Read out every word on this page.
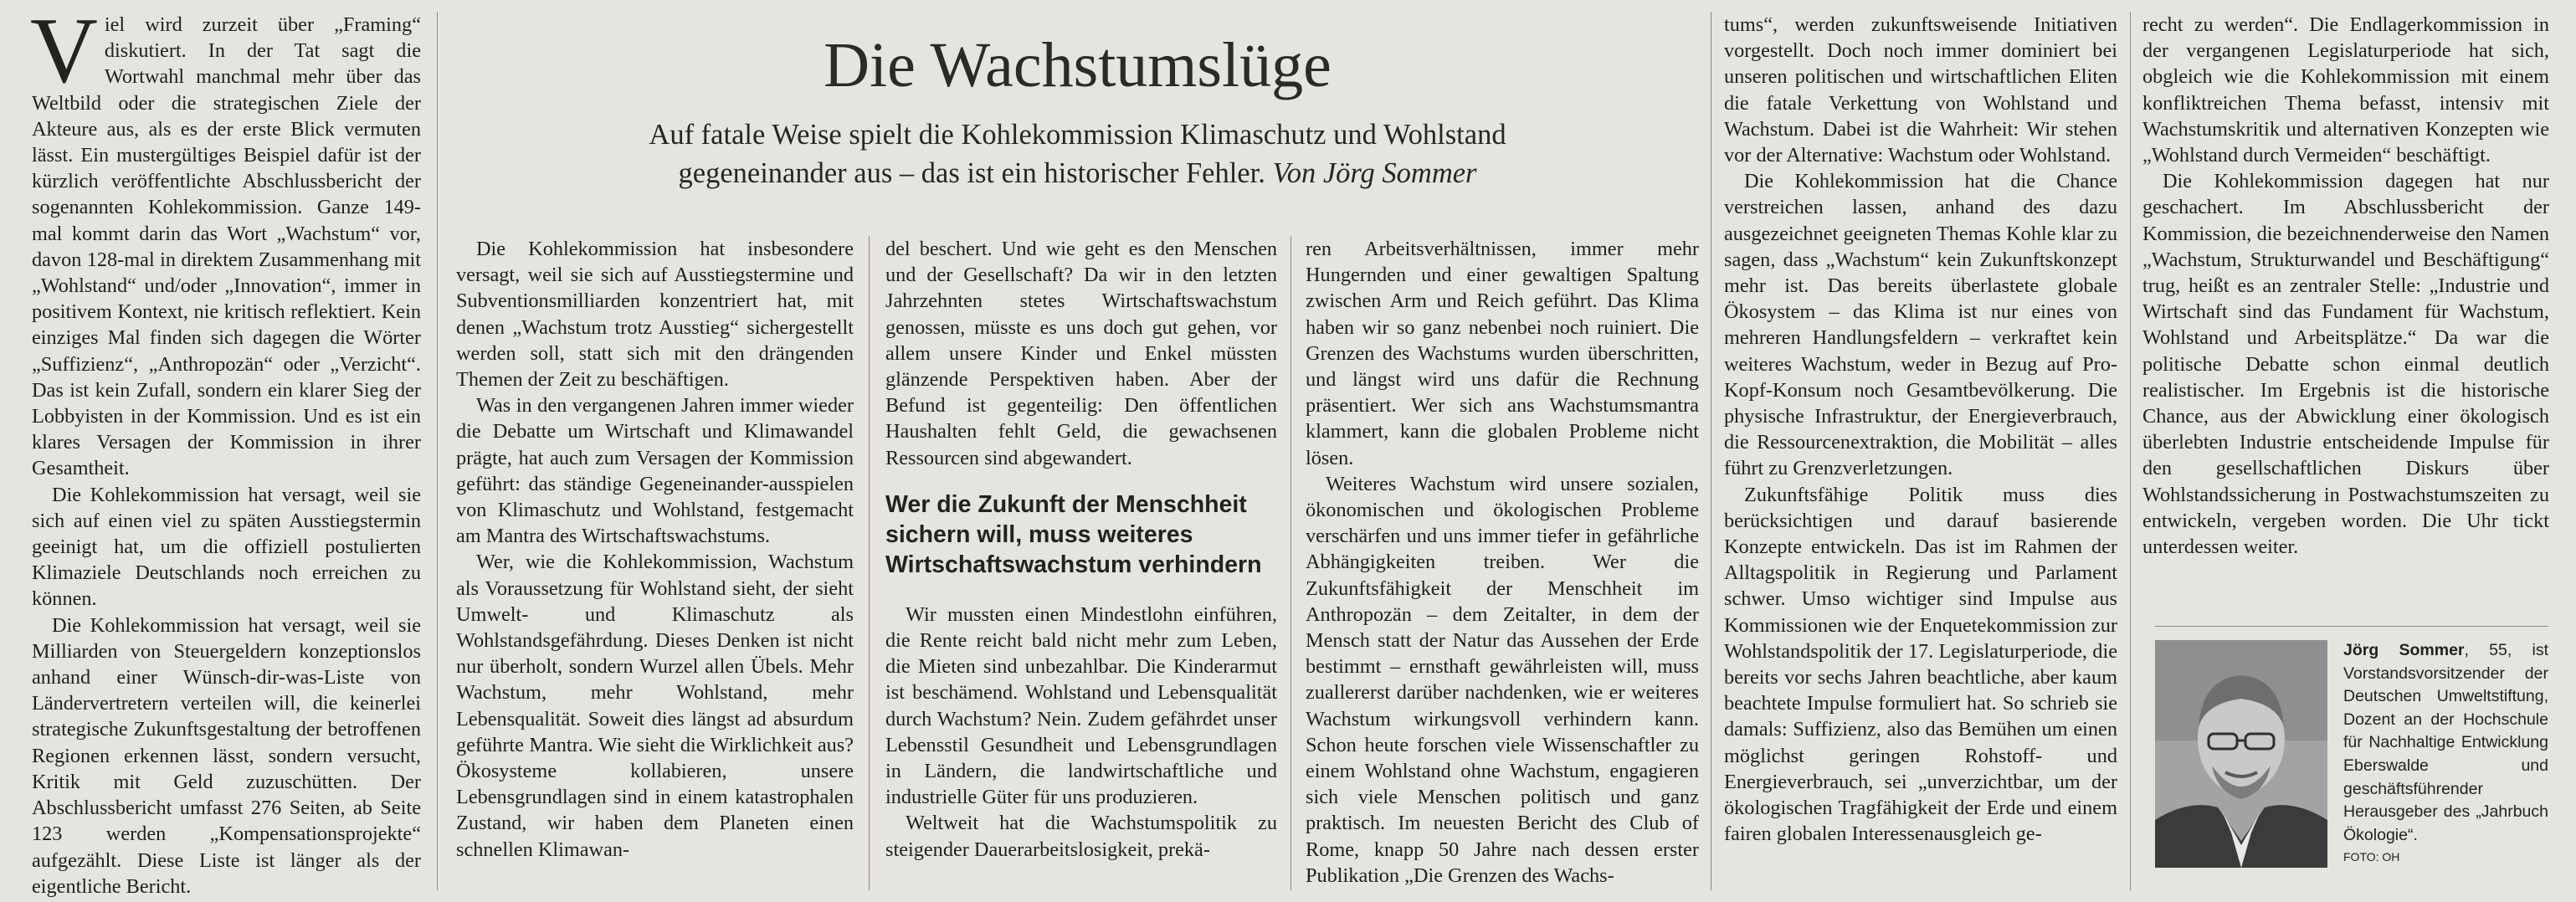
Viel wird zurzeit über „Framing“ diskutiert. In der Tat sagt die Wortwahl manchmal mehr über das Weltbild oder die strategischen Ziele der Akteure aus, als es der erste Blick vermuten lässt. Ein mustergültiges Beispiel dafür ist der kürzlich veröffentlichte Abschlussbericht der sogenannten Kohlekommission. Ganze 149-mal kommt darin das Wort „Wachstum“ vor, davon 128-mal in direktem Zusammenhang mit „Wohlstand“ und/oder „Innovation“, immer in positivem Kontext, nie kritisch reflektiert. Kein einziges Mal finden sich dagegen die Wörter „Suffizienz“, „Anthropozän“ oder „Verzicht“. Das ist kein Zufall, sondern ein klarer Sieg der Lobbyisten in der Kommission. Und es ist ein klares Versagen der Kommission in ihrer Gesamtheit.

Die Kohlekommission hat versagt, weil sie sich auf einen viel zu späten Ausstiegstermin geeinigt hat, um die offiziell postulierten Klimaziele Deutschlands noch erreichen zu können.

Die Kohlekommission hat versagt, weil sie Milliarden von Steuergeldern konzeptionslos anhand einer Wünsch-dir-was-Liste von Ländervertretern verteilen will, die keinerlei strategische Zukunftsgestaltung der betroffenen Regionen erkennen lässt, sondern versucht, Kritik mit Geld zuzuschütten. Der Abschlussbericht umfasst 276 Seiten, ab Seite 123 werden „Kompensationsprojekte“ aufgezählt. Diese Liste ist länger als der eigentliche Bericht.

Die Wachstumslüge
Auf fatale Weise spielt die Kohlekommission Klimaschutz und Wohlstand
gegeneinander aus – das ist ein historischer Fehler. Von Jörg Sommer

Die Kohlekommission hat insbesondere versagt, weil sie sich auf Ausstiegstermine und Subventionsmilliarden konzentriert hat, mit denen „Wachstum trotz Ausstieg“ sichergestellt werden soll, statt sich mit den drängenden Themen der Zeit zu beschäftigen.

Was in den vergangenen Jahren immer wieder die Debatte um Wirtschaft und Klimawandel prägte, hat auch zum Versagen der Kommission geführt: das ständige Gegeneinander-ausspielen von Klimaschutz und Wohlstand, festgemacht am Mantra des Wirtschaftswachstums.

Wer, wie die Kohlekommission, Wachstum als Voraussetzung für Wohlstand sieht, der sieht Umwelt- und Klimaschutz als Wohlstandsgefährdung. Dieses Denken ist nicht nur überholt, sondern Wurzel allen Übels. Mehr Wachstum, mehr Wohlstand, mehr Lebensqualität. Soweit dies längst ad absurdum geführte Mantra. Wie sieht die Wirklichkeit aus? Ökosysteme kollabieren, unsere Lebensgrundlagen sind in einem katastrophalen Zustand, wir haben dem Planeten einen schnellen Klimawan-

del beschert. Und wie geht es den Menschen und der Gesellschaft? Da wir in den letzten Jahrzehnten stetes Wirtschaftswachstum genossen, müsste es uns doch gut gehen, vor allem unsere Kinder und Enkel müssten glänzende Perspektiven haben. Aber der Befund ist gegenteilig: Den öffentlichen Haushalten fehlt Geld, die gewachsenen Ressourcen sind abgewandert.

Wer die Zukunft der Menschheit sichern will, muss weiteres Wirtschaftswachstum verhindern

Wir mussten einen Mindestlohn einführen, die Rente reicht bald nicht mehr zum Leben, die Mieten sind unbezahlbar. Die Kinderarmut ist beschämend. Wohlstand und Lebensqualität durch Wachstum? Nein. Zudem gefährdet unser Lebensstil Gesundheit und Lebensgrundlagen in Ländern, die landwirtschaftliche und industrielle Güter für uns produzieren.

Weltweit hat die Wachstumspolitik zu steigender Dauerarbeitslosigkeit, prekä-

ren Arbeitsverhältnissen, immer mehr Hungernden und einer gewaltigen Spaltung zwischen Arm und Reich geführt. Das Klima haben wir so ganz nebenbei noch ruiniert. Die Grenzen des Wachstums wurden überschritten, und längst wird uns dafür die Rechnung präsentiert. Wer sich ans Wachstumsmantra klammert, kann die globalen Probleme nicht lösen.

Weiteres Wachstum wird unsere sozialen, ökonomischen und ökologischen Probleme verschärfen und uns immer tiefer in gefährliche Abhängigkeiten treiben. Wer die Zukunftsfähigkeit der Menschheit im Anthropozän – dem Zeitalter, in dem der Mensch statt der Natur das Aussehen der Erde bestimmt – ernsthaft gewährleisten will, muss zuallererst darüber nachdenken, wie er weiteres Wachstum wirkungsvoll verhindern kann. Schon heute forschen viele Wissenschaftler zu einem Wohlstand ohne Wachstum, engagieren sich viele Menschen politisch und ganz praktisch. Im neuesten Bericht des Club of Rome, knapp 50 Jahre nach dessen erster Publikation „Die Grenzen des Wachs-

tums“, werden zukunftsweisende Initiativen vorgestellt. Doch noch immer dominiert bei unseren politischen und wirtschaftlichen Eliten die fatale Verkettung von Wohlstand und Wachstum. Dabei ist die Wahrheit: Wir stehen vor der Alternative: Wachstum oder Wohlstand.

Die Kohlekommission hat die Chance verstreichen lassen, anhand des dazu ausgezeichnet geeigneten Themas Kohle klar zu sagen, dass „Wachstum“ kein Zukunftskonzept mehr ist. Das bereits überlastete globale Ökosystem – das Klima ist nur eines von mehreren Handlungsfeldern – verkraftet kein weiteres Wachstum, weder in Bezug auf Pro-Kopf-Konsum noch Gesamtbevölkerung. Die physische Infrastruktur, der Energieverbrauch, die Ressourcenextraktion, die Mobilität – alles führt zu Grenzverletzungen.

Zukunftsfähige Politik muss dies berücksichtigen und darauf basierende Konzepte entwickeln. Das ist im Rahmen der Alltagspolitik in Regierung und Parlament schwer. Umso wichtiger sind Impulse aus Kommissionen wie der Enquetekommission zur Wohlstandspolitik der 17. Legislaturperiode, die bereits vor sechs Jahren beachtliche, aber kaum beachtete Impulse formuliert hat. So schrieb sie damals: Suffizienz, also das Bemühen um einen möglichst geringen Rohstoff- und Energieverbrauch, sei „unverzichtbar, um der ökologischen Tragfähigkeit der Erde und einem fairen globalen Interessenausgleich ge-

recht zu werden“. Die Endlagerkommission in der vergangenen Legislaturperiode hat sich, obgleich wie die Kohlekommission mit einem konfliktreichen Thema befasst, intensiv mit Wachstumskritik und alternativen Konzepten wie „Wohlstand durch Vermeiden“ beschäftigt.

Die Kohlekommission dagegen hat nur geschachert. Im Abschlussbericht der Kommission, die bezeichnenderweise den Namen „Wachstum, Strukturwandel und Beschäftigung“ trug, heißt es an zentraler Stelle: „Industrie und Wirtschaft sind das Fundament für Wachstum, Wohlstand und Arbeitsplätze.“ Da war die politische Debatte schon einmal deutlich realistischer. Im Ergebnis ist die historische Chance, aus der Abwicklung einer ökologisch überlebten Industrie entscheidende Impulse für den gesellschaftlichen Diskurs über Wohlstandssicherung in Postwachstumszeiten zu entwickeln, vergeben worden. Die Uhr tickt unterdessen weiter.

Jörg Sommer, 55, ist Vorstandsvorsitzender der Deutschen Umweltstiftung, Dozent an der Hochschule für Nachhaltige Entwicklung Eberswalde und geschäftsführender Herausgeber des „Jahrbuch Ökologie“.
FOTO: OH
